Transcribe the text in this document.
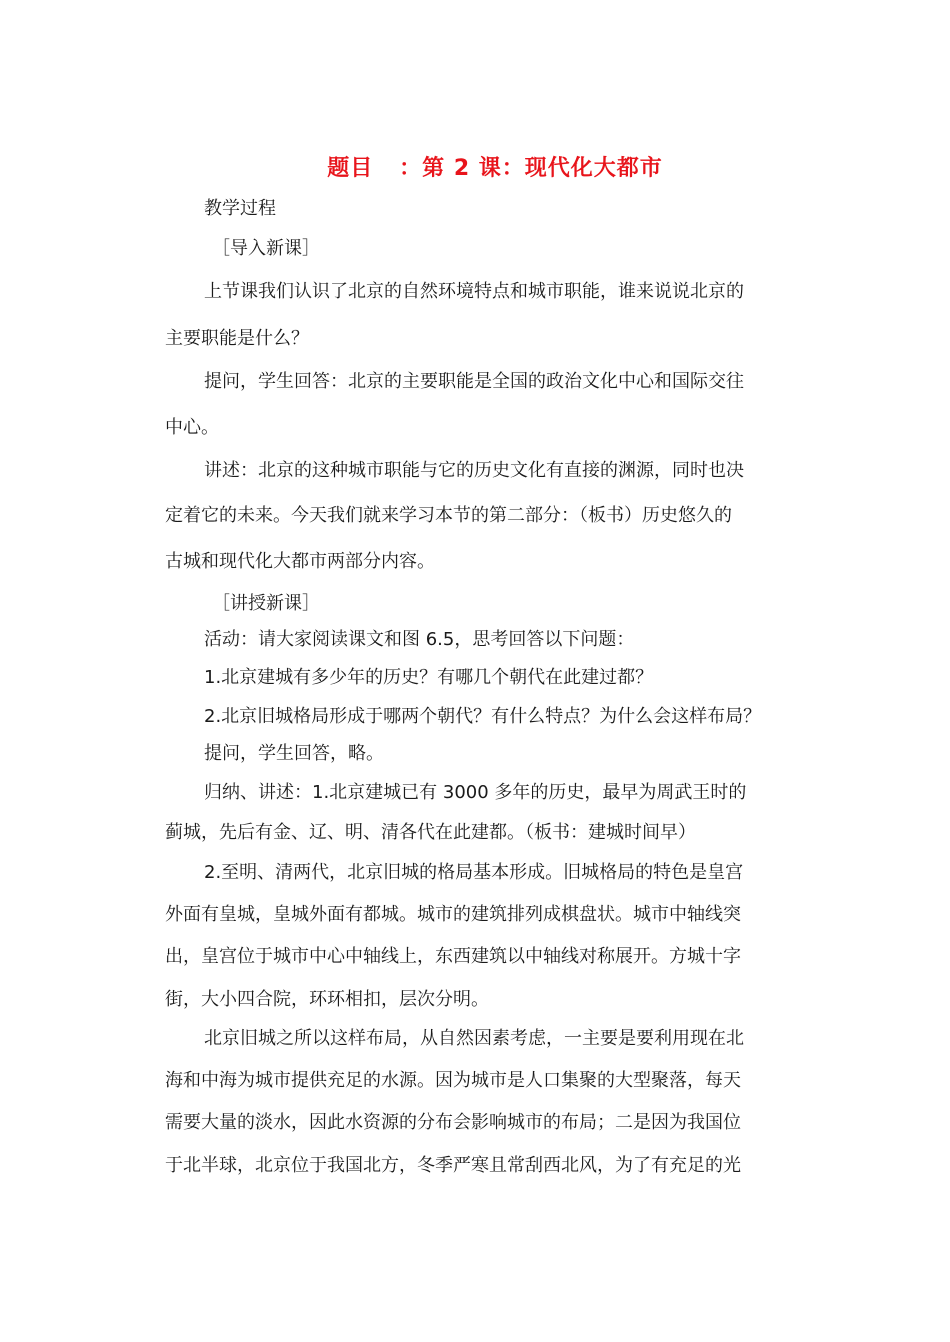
题目   ：第 2 课：现代化大都市
教学过程
［导入新课］
上节课我们认识了北京的自然环境特点和城市职能，谁来说说北京的
主要职能是什么？
提问，学生回答：北京的主要职能是全国的政治文化中心和国际交往
中心。
讲述：北京的这种城市职能与它的历史文化有直接的渊源，同时也决
定着它的未来。今天我们就来学习本节的第二部分：（板书）历史悠久的
古城和现代化大都市两部分内容。
［讲授新课］
活动：请大家阅读课文和图 6.5，思考回答以下问题：
1.北京建城有多少年的历史？有哪几个朝代在此建过都？
2.北京旧城格局形成于哪两个朝代？有什么特点？为什么会这样布局？
提问，学生回答，略。
归纳、讲述：1.北京建城已有 3000 多年的历史，最早为周武王时的
蓟城，先后有金、辽、明、清各代在此建都。（板书：建城时间早）
2.至明、清两代，北京旧城的格局基本形成。旧城格局的特色是皇宫
外面有皇城，皇城外面有都城。城市的建筑排列成棋盘状。城市中轴线突
出，皇宫位于城市中心中轴线上，东西建筑以中轴线对称展开。方城十字
街，大小四合院，环环相扣，层次分明。
北京旧城之所以这样布局，从自然因素考虑，一主要是要利用现在北
海和中海为城市提供充足的水源。因为城市是人口集聚的大型聚落，每天
需要大量的淡水，因此水资源的分布会影响城市的布局；二是因为我国位
于北半球，北京位于我国北方，冬季严寒且常刮西北风，为了有充足的光
